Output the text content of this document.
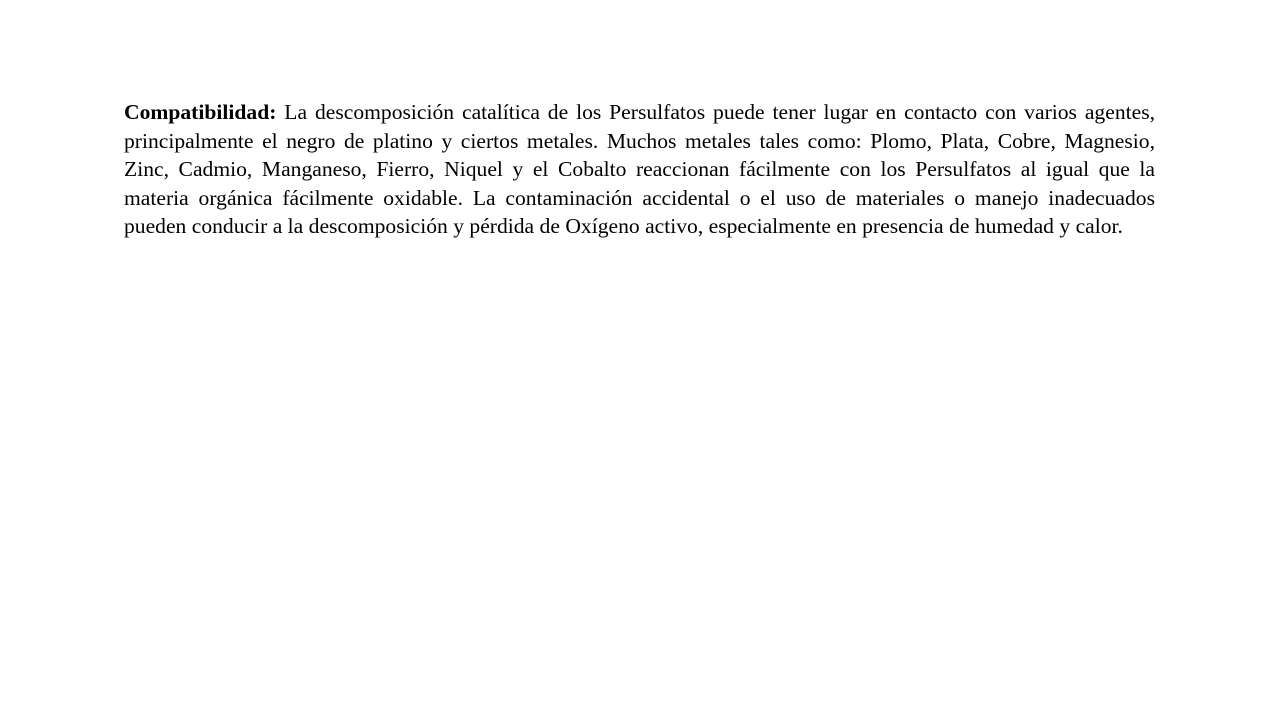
Compatibilidad: La descomposición catalítica de los Persulfatos puede tener lugar en contacto con varios agentes, principalmente el negro de platino y ciertos metales. Muchos metales tales como: Plomo, Plata, Cobre, Magnesio, Zinc, Cadmio, Manganeso, Fierro, Niquel y el Cobalto reaccionan fácilmente con los Persulfatos al igual que la materia orgánica fácilmente oxidable. La contaminación accidental o el uso de materiales o manejo inadecuados pueden conducir a la descomposición y pérdida de Oxígeno activo, especialmente en presencia de humedad y calor.
